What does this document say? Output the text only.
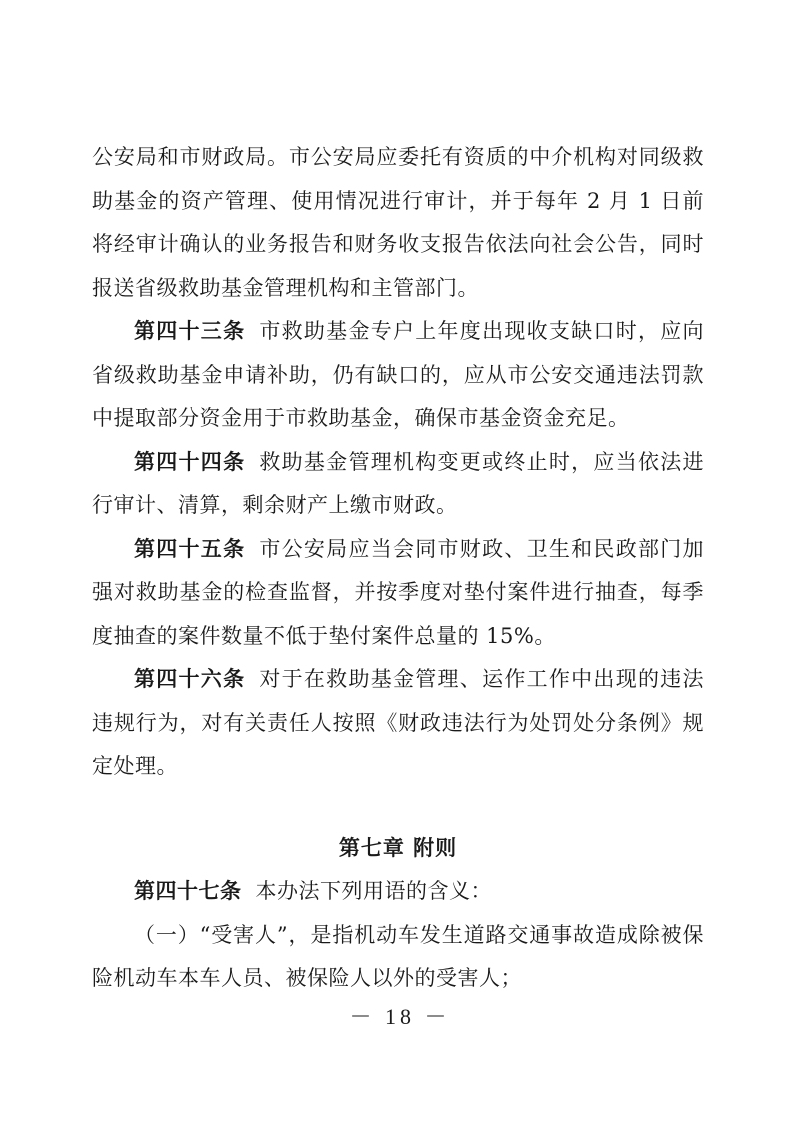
公安局和市财政局。市公安局应委托有资质的中介机构对同级救助基金的资产管理、使用情况进行审计，并于每年 2 月 1 日前将经审计确认的业务报告和财务收支报告依法向社会公告，同时报送省级救助基金管理机构和主管部门。

第四十三条 市救助基金专户上年度出现收支缺口时，应向省级救助基金申请补助，仍有缺口的，应从市公安交通违法罚款中提取部分资金用于市救助基金，确保市基金资金充足。

第四十四条 救助基金管理机构变更或终止时，应当依法进行审计、清算，剩余财产上缴市财政。

第四十五条 市公安局应当会同市财政、卫生和民政部门加强对救助基金的检查监督，并按季度对垫付案件进行抽查，每季度抽查的案件数量不低于垫付案件总量的 15%。

第四十六条 对于在救助基金管理、运作工作中出现的违法违规行为，对有关责任人按照《财政违法行为处罚处分条例》规定处理。

第七章 附则

第四十七条 本办法下列用语的含义：

（一）“受害人”，是指机动车发生道路交通事故造成除被保险机动车本车人员、被保险人以外的受害人；

－ 18 －
